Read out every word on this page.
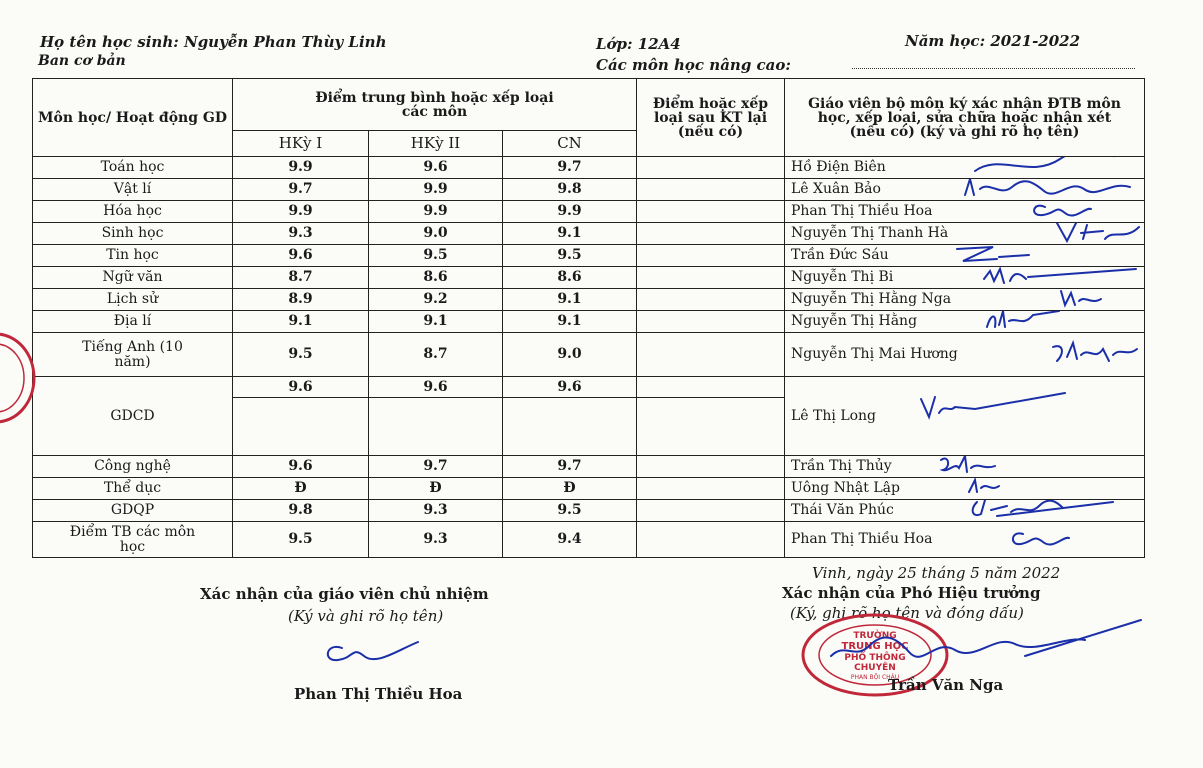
Họ tên học sinh: Nguyễn Phan Thùy Linh	Lớp: 12A4	Năm học: 2021-2022
Ban cơ bản	Các môn học nâng cao:
Môn học/ Hoạt động GD	Điểm trung bình hoặc xếp loại các môn			Điểm hoặc xếp loại sau KT lại (nếu có)	Giáo viên bộ môn ký xác nhận ĐTB môn học, xếp loại, sửa chữa hoặc nhận xét (nếu có) (ký và ghi rõ họ tên)
	HKỳ I	HKỳ II	CN		
Toán học	9.9	9.6	9.7		Hồ Điện Biên

Vật lí	9.7	9.9	9.8		Lê Xuân Bảo

Hóa học	9.9	9.9	9.9		Phan Thị Thiều Hoa

Sinh học	9.3	9.0	9.1		Nguyễn Thị Thanh Hà

Tin học	9.6	9.5	9.5		Trần Đức Sáu

Ngữ văn	8.7	8.6	8.6		Nguyễn Thị Bi

Lịch sử	8.9	9.2	9.1		Nguyễn Thị Hằng Nga

Địa lí	9.1	9.1	9.1		Nguyễn Thị Hằng

Tiếng Anh (10 năm)	9.5	8.7	9.0		Nguyễn Thị Mai Hương

GDCD	9.6	9.6	9.6		Lê Thị Long

Công nghệ	9.6	9.7	9.7		Trần Thị Thủy

Thể dục	Đ	Đ	Đ		Uông Nhật Lập

GDQP	9.8	9.3	9.5		Thái Văn Phúc

Điểm TB các môn học	9.5	9.3	9.4		Phan Thị Thiều Hoa
Xác nhận của giáo viên chủ nhiệm
(Ký và ghi rõ họ tên)
Phan Thị Thiều Hoa
Vinh, ngày 25 tháng 5 năm 2022
Xác nhận của Phó Hiệu trưởng
(Ký, ghi rõ họ tên và đóng dấu)
TRƯỜNG
TRUNG HỌC
PHỔ THÔNG
CHUYÊN
PHAN BỘI CHÂU
Trần Văn Nga
